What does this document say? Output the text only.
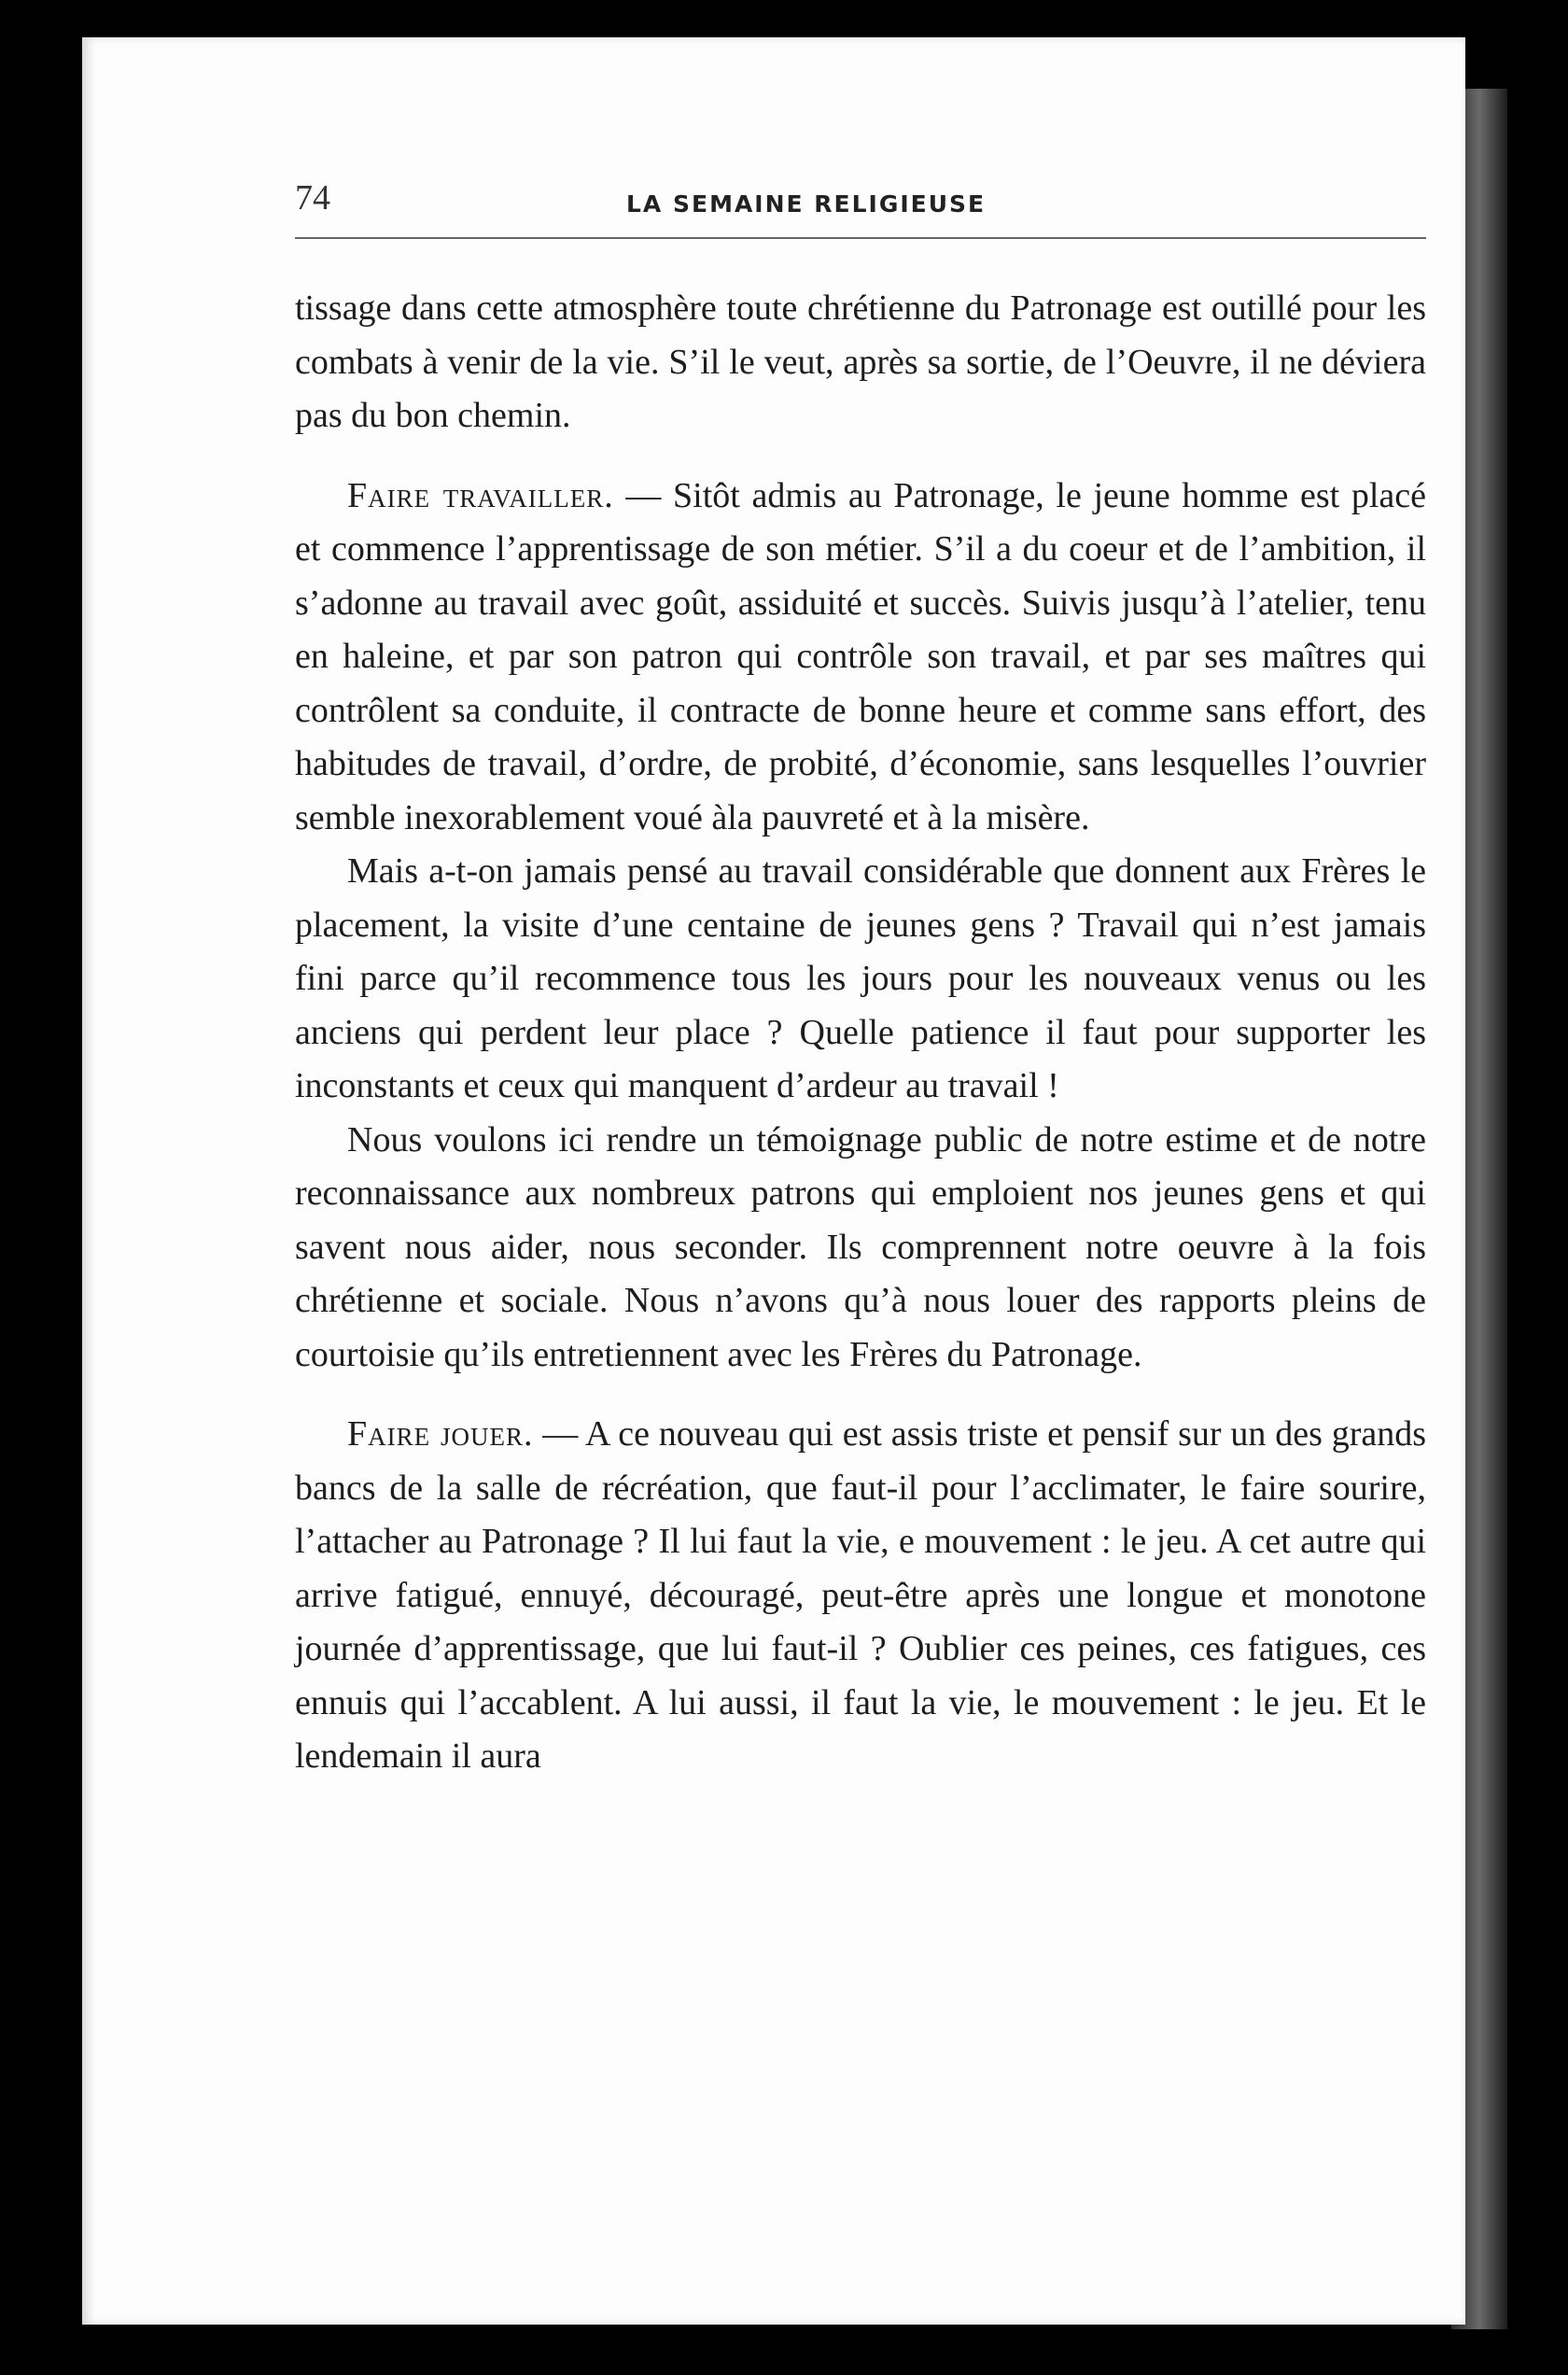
74	LA SEMAINE RELIGIEUSE

tissage dans cette atmosphère toute chrétienne du Patronage est outillé pour les combats à venir de la vie. S’il le veut, après sa sortie, de l’Oeuvre, il ne déviera pas du bon chemin.

Faire travailler. — Sitôt admis au Patronage, le jeune homme est placé et commence l’apprentissage de son métier. S’il a du coeur et de l’ambition, il s’adonne au travail avec goût, assiduité et succès. Suivis jusqu’à l’atelier, tenu en haleine, et par son patron qui contrôle son travail, et par ses maîtres qui contrôlent sa conduite, il contracte de bonne heure et comme sans effort, des habitudes de travail, d’ordre, de probité, d’économie, sans lesquelles l’ouvrier semble inexorablement voué àla pauvreté et à la misère.

Mais a-t-on jamais pensé au travail considérable que donnent aux Frères le placement, la visite d’une centaine de jeunes gens ? Travail qui n’est jamais fini parce qu’il recommence tous les jours pour les nouveaux venus ou les anciens qui perdent leur place ? Quelle patience il faut pour supporter les inconstants et ceux qui manquent d’ardeur au travail !

Nous voulons ici rendre un témoignage public de notre estime et de notre reconnaissance aux nombreux patrons qui emploient nos jeunes gens et qui savent nous aider, nous seconder. Ils comprennent notre oeuvre à la fois chrétienne et sociale. Nous n’avons qu’à nous louer des rapports pleins de courtoisie qu’ils entretiennent avec les Frères du Patronage.

Faire jouer. — A ce nouveau qui est assis triste et pensif sur un des grands bancs de la salle de récréation, que faut-il pour l’acclimater, le faire sourire, l’attacher au Patronage ? Il lui faut la vie, e mouvement : le jeu. A cet autre qui arrive fatigué, ennuyé, découragé, peut-être après une longue et monotone journée d’apprentissage, que lui faut-il ? Oublier ces peines, ces fatigues, ces ennuis qui l’accablent. A lui aussi, il faut la vie, le mouvement : le jeu. Et le lendemain il aura
